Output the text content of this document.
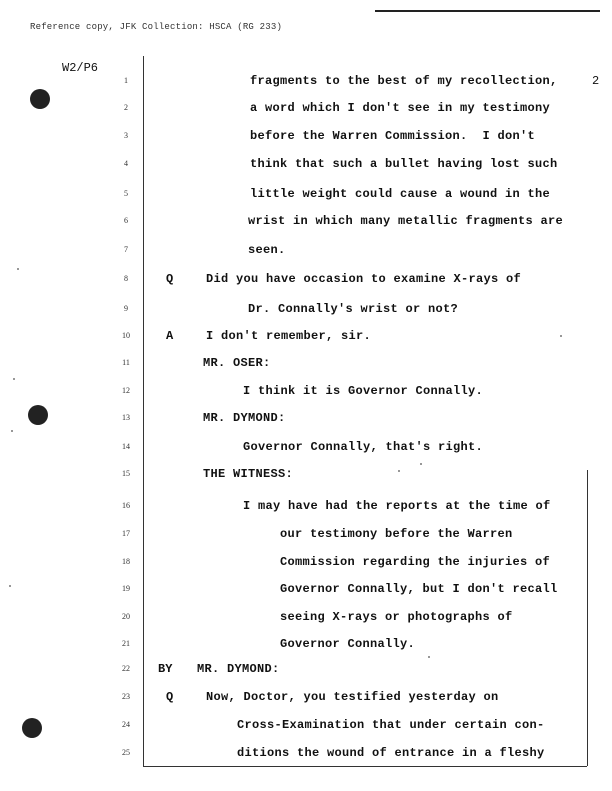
Reference copy, JFK Collection: HSCA (RG 233)
W2/P6
2
1	fragments to the best of my recollection,
2	a word which I don't see in my testimony
3	before the Warren Commission.  I don't
4	think that such a bullet having lost such
5	little weight could cause a wound in the
6	wrist in which many metallic fragments are
7	seen.
8	Q	Did you have occasion to examine X-rays of
9	Dr. Connally's wrist or not?
10	A	I don't remember, sir.
11	MR. OSER:
12	I think it is Governor Connally.
13	MR. DYMOND:
14	Governor Connally, that's right.
15	THE WITNESS:
16	I may have had the reports at the time of
17	our testimony before the Warren
18	Commission regarding the injuries of
19	Governor Connally, but I don't recall
20	seeing X-rays or photographs of
21	Governor Connally.
22	BY MR. DYMOND:
23	Q	Now, Doctor, you testified yesterday on
24	Cross-Examination that under certain con-
25	ditions the wound of entrance in a fleshy
